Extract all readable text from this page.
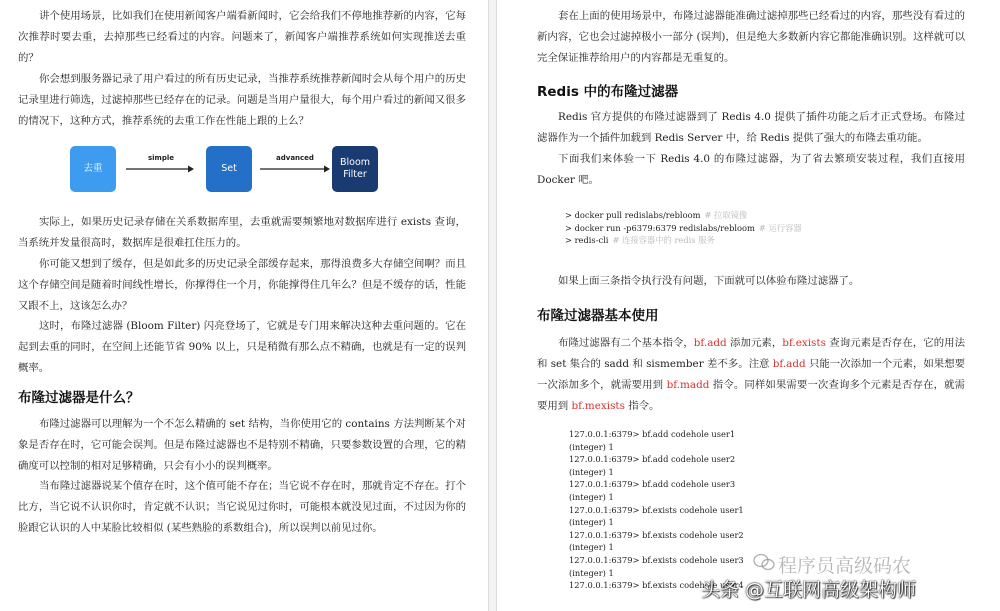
讲个使用场景，比如我们在使用新闻客户端看新闻时，它会给我们不停地推荐新的内容，它每次推荐时要去重，去掉那些已经看过的内容。问题来了，新闻客户端推荐系统如何实现推送去重的？

你会想到服务器记录了用户看过的所有历史记录，当推荐系统推荐新闻时会从每个用户的历史记录里进行筛选，过滤掉那些已经存在的记录。问题是当用户量很大，每个用户看过的新闻又很多的情况下，这种方式，推荐系统的去重工作在性能上跟的上么？

去重
simple
Set
advanced	Bloom Filter

实际上，如果历史记录存储在关系数据库里，去重就需要频繁地对数据库进行 exists 查询，当系统并发量很高时，数据库是很难扛住压力的。

你可能又想到了缓存，但是如此多的历史记录全部缓存起来，那得浪费多大存储空间啊？而且这个存储空间是随着时间线性增长，你撑得住一个月，你能撑得住几年么？但是不缓存的话，性能又跟不上，这该怎么办？

这时，布隆过滤器 (Bloom Filter) 闪亮登场了，它就是专门用来解决这种去重问题的。它在起到去重的同时，在空间上还能节省 90% 以上，只是稍微有那么点不精确，也就是有一定的误判概率。

布隆过滤器是什么？

布隆过滤器可以理解为一个不怎么精确的 set 结构，当你使用它的 contains 方法判断某个对象是否存在时，它可能会误判。但是布隆过滤器也不是特别不精确，只要参数设置的合理，它的精确度可以控制的相对足够精确，只会有小小的误判概率。

当布隆过滤器说某个值存在时，这个值可能不存在；当它说不存在时，那就肯定不存在。打个比方，当它说不认识你时，肯定就不认识；当它说见过你时，可能根本就没见过面，不过因为你的脸跟它认识的人中某脸比较相似 (某些熟脸的系数组合)，所以误判以前见过你。

套在上面的使用场景中，布隆过滤器能准确过滤掉那些已经看过的内容，那些没有看过的新内容，它也会过滤掉极小一部分 (误判)，但是绝大多数新内容它都能准确识别。这样就可以完全保证推荐给用户的内容都是无重复的。

Redis 中的布隆过滤器

Redis 官方提供的布隆过滤器到了 Redis 4.0 提供了插件功能之后才正式登场。布隆过滤器作为一个插件加载到 Redis Server 中，给 Redis 提供了强大的布隆去重功能。

下面我们来体验一下 Redis 4.0 的布隆过滤器，为了省去繁琐安装过程，我们直接用 Docker 吧。

> docker pull redislabs/rebloom # 拉取镜像
> docker run -p6379:6379 redislabs/rebloom # 运行容器
> redis-cli # 连接容器中的 redis 服务

如果上面三条指令执行没有问题，下面就可以体验布隆过滤器了。

布隆过滤器基本使用

布隆过滤器有二个基本指令，bf.add 添加元素，bf.exists 查询元素是否存在，它的用法和 set 集合的 sadd 和 sismember 差不多。注意 bf.add 只能一次添加一个元素，如果想要一次添加多个，就需要用到 bf.madd 指令。同样如果需要一次查询多个元素是否存在，就需要用到 bf.mexists 指令。

127.0.0.1:6379> bf.add codehole user1
(integer) 1
127.0.0.1:6379> bf.add codehole user2
(integer) 1
127.0.0.1:6379> bf.add codehole user3
(integer) 1
127.0.0.1:6379> bf.exists codehole user1
(integer) 1
127.0.0.1:6379> bf.exists codehole user2
(integer) 1
127.0.0.1:6379> bf.exists codehole user3
(integer) 1
127.0.0.1:6379> bf.exists codehole user4
程序员高级码农
头条 @互联网高级架构师
